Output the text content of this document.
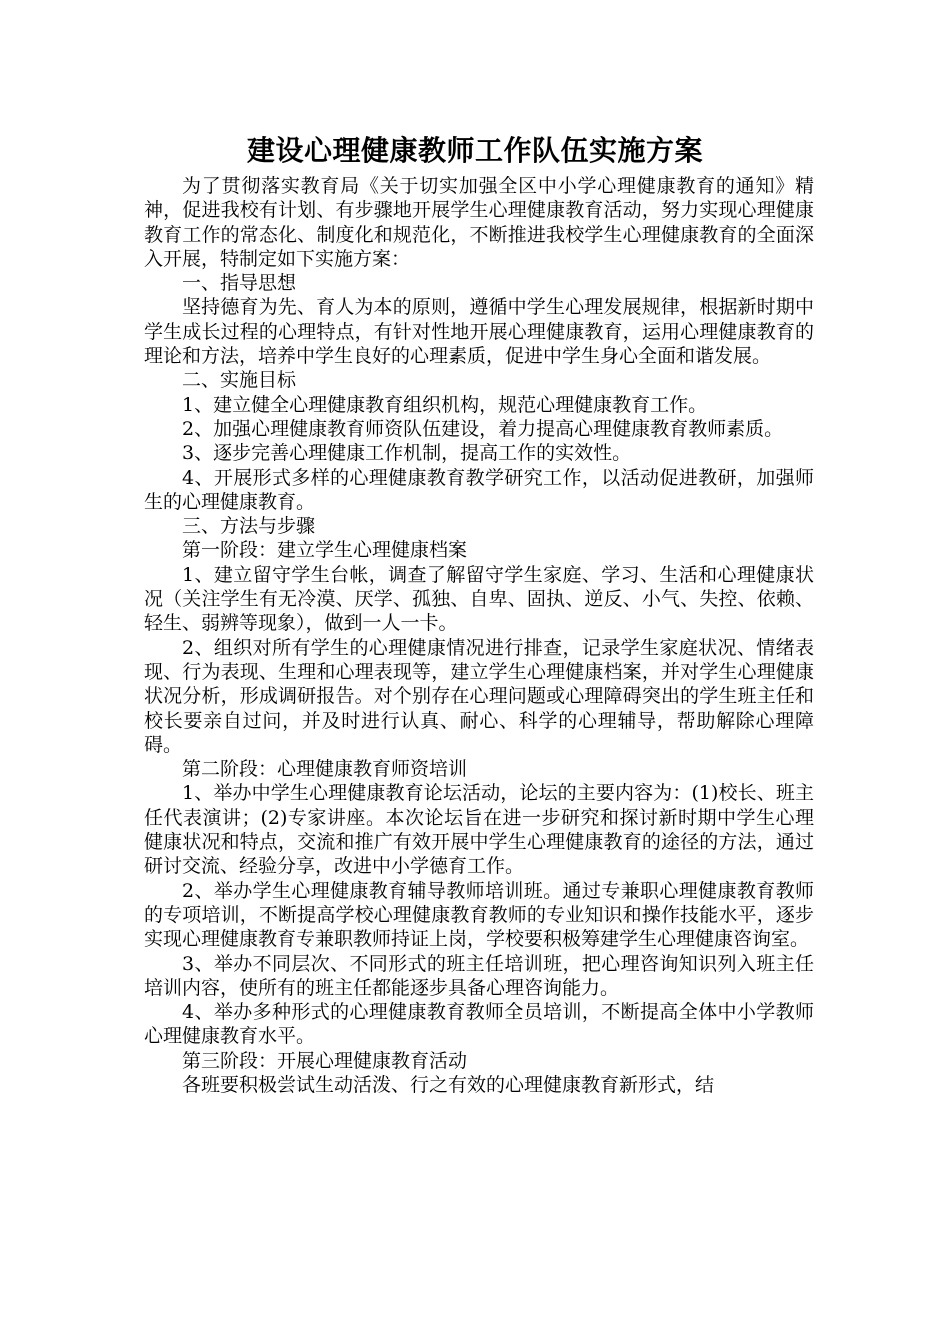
建设心理健康教师工作队伍实施方案

为了贯彻落实教育局《关于切实加强全区中小学心理健康教育的通知》精神，促进我校有计划、有步骤地开展学生心理健康教育活动，努力实现心理健康教育工作的常态化、制度化和规范化，不断推进我校学生心理健康教育的全面深入开展，特制定如下实施方案：

一、指导思想

坚持德育为先、育人为本的原则，遵循中学生心理发展规律，根据新时期中学生成长过程的心理特点，有针对性地开展心理健康教育，运用心理健康教育的理论和方法，培养中学生良好的心理素质，促进中学生身心全面和谐发展。

二、实施目标

1、建立健全心理健康教育组织机构，规范心理健康教育工作。

2、加强心理健康教育师资队伍建设，着力提高心理健康教育教师素质。

3、逐步完善心理健康工作机制，提高工作的实效性。

4、开展形式多样的心理健康教育教学研究工作，以活动促进教研，加强师生的心理健康教育。

三、方法与步骤

第一阶段：建立学生心理健康档案

1、建立留守学生台帐，调查了解留守学生家庭、学习、生活和心理健康状况（关注学生有无冷漠、厌学、孤独、自卑、固执、逆反、小气、失控、依赖、轻生、弱辨等现象），做到一人一卡。

2、组织对所有学生的心理健康情况进行排查，记录学生家庭状况、情绪表现、行为表现、生理和心理表现等，建立学生心理健康档案，并对学生心理健康状况分析，形成调研报告。对个别存在心理问题或心理障碍突出的学生班主任和校长要亲自过问，并及时进行认真、耐心、科学的心理辅导，帮助解除心理障碍。

第二阶段：心理健康教育师资培训

1、举办中学生心理健康教育论坛活动，论坛的主要内容为：(1)校长、班主任代表演讲；(2)专家讲座。本次论坛旨在进一步研究和探讨新时期中学生心理健康状况和特点，交流和推广有效开展中学生心理健康教育的途径的方法，通过研讨交流、经验分享，改进中小学德育工作。

2、举办学生心理健康教育辅导教师培训班。通过专兼职心理健康教育教师的专项培训，不断提高学校心理健康教育教师的专业知识和操作技能水平，逐步实现心理健康教育专兼职教师持证上岗，学校要积极筹建学生心理健康咨询室。

3、举办不同层次、不同形式的班主任培训班，把心理咨询知识列入班主任培训内容，使所有的班主任都能逐步具备心理咨询能力。

4、举办多种形式的心理健康教育教师全员培训，不断提高全体中小学教师心理健康教育水平。

第三阶段：开展心理健康教育活动

各班要积极尝试生动活泼、行之有效的心理健康教育新形式，结
